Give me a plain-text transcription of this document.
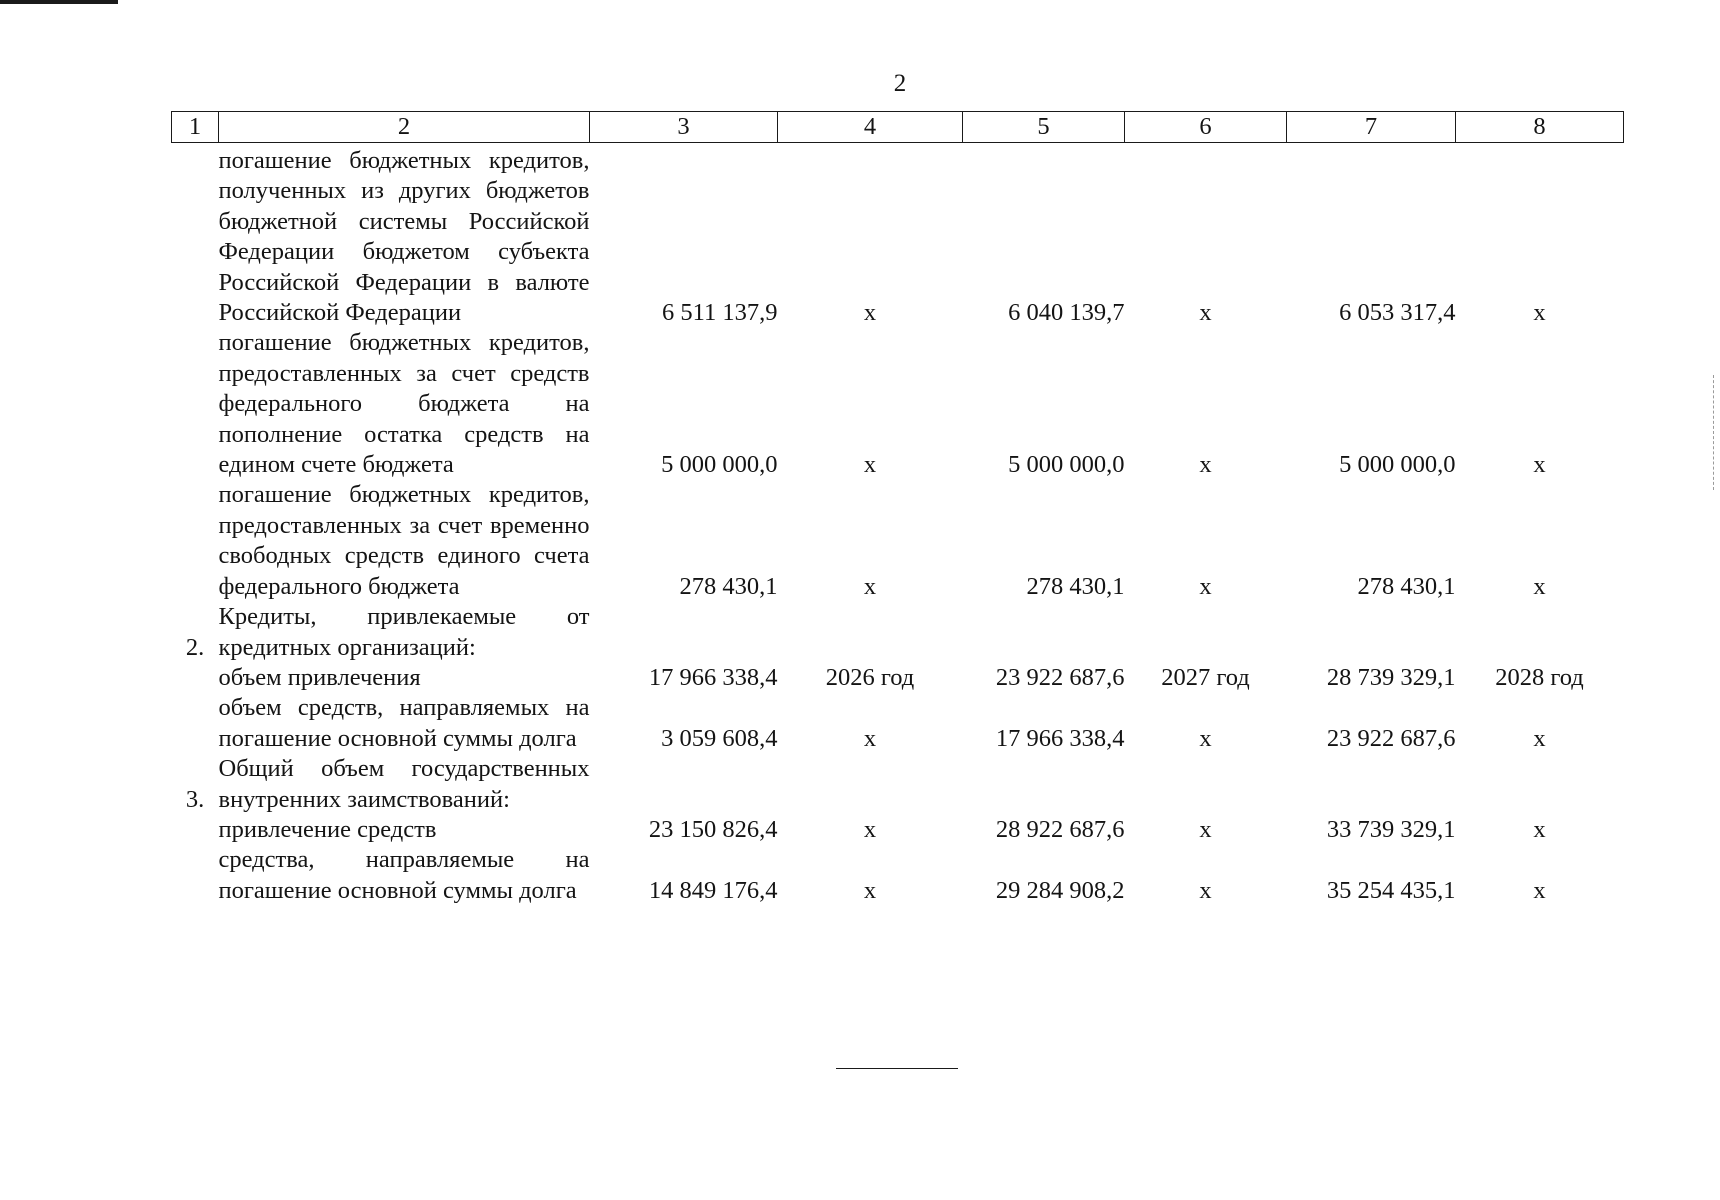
2
1	2	3	4	5	6	7	8
	погашение бюджетных кредитов, полученных из других бюджетов бюджетной системы Российской Федерации бюджетом субъекта Российской Федерации в валюте Российской Федерации	6 511 137,9	х	6 040 139,7	х	6 053 317,4	х
	погашение бюджетных кредитов, предоставленных за счет средств федерального бюджета на пополнение остатка средств на едином счете бюджета	5 000 000,0	х	5 000 000,0	х	5 000 000,0	х
	погашение бюджетных кредитов, предоставленных за счет временно свободных средств единого счета федерального бюджета	278 430,1	х	278 430,1	х	278 430,1	х
2.	Кредиты, привлекаемые от кредитных организаций:						
	объем привлечения	17 966 338,4	2026 год	23 922 687,6	2027 год	28 739 329,1	2028 год
	объем средств, направляемых на погашение основной суммы долга	3 059 608,4	х	17 966 338,4	х	23 922 687,6	х
3.	Общий объем государственных внутренних заимствований:						
	привлечение средств	23 150 826,4	х	28 922 687,6	х	33 739 329,1	х
	средства, направляемые на погашение основной суммы долга	14 849 176,4	х	29 284 908,2	х	35 254 435,1	х
